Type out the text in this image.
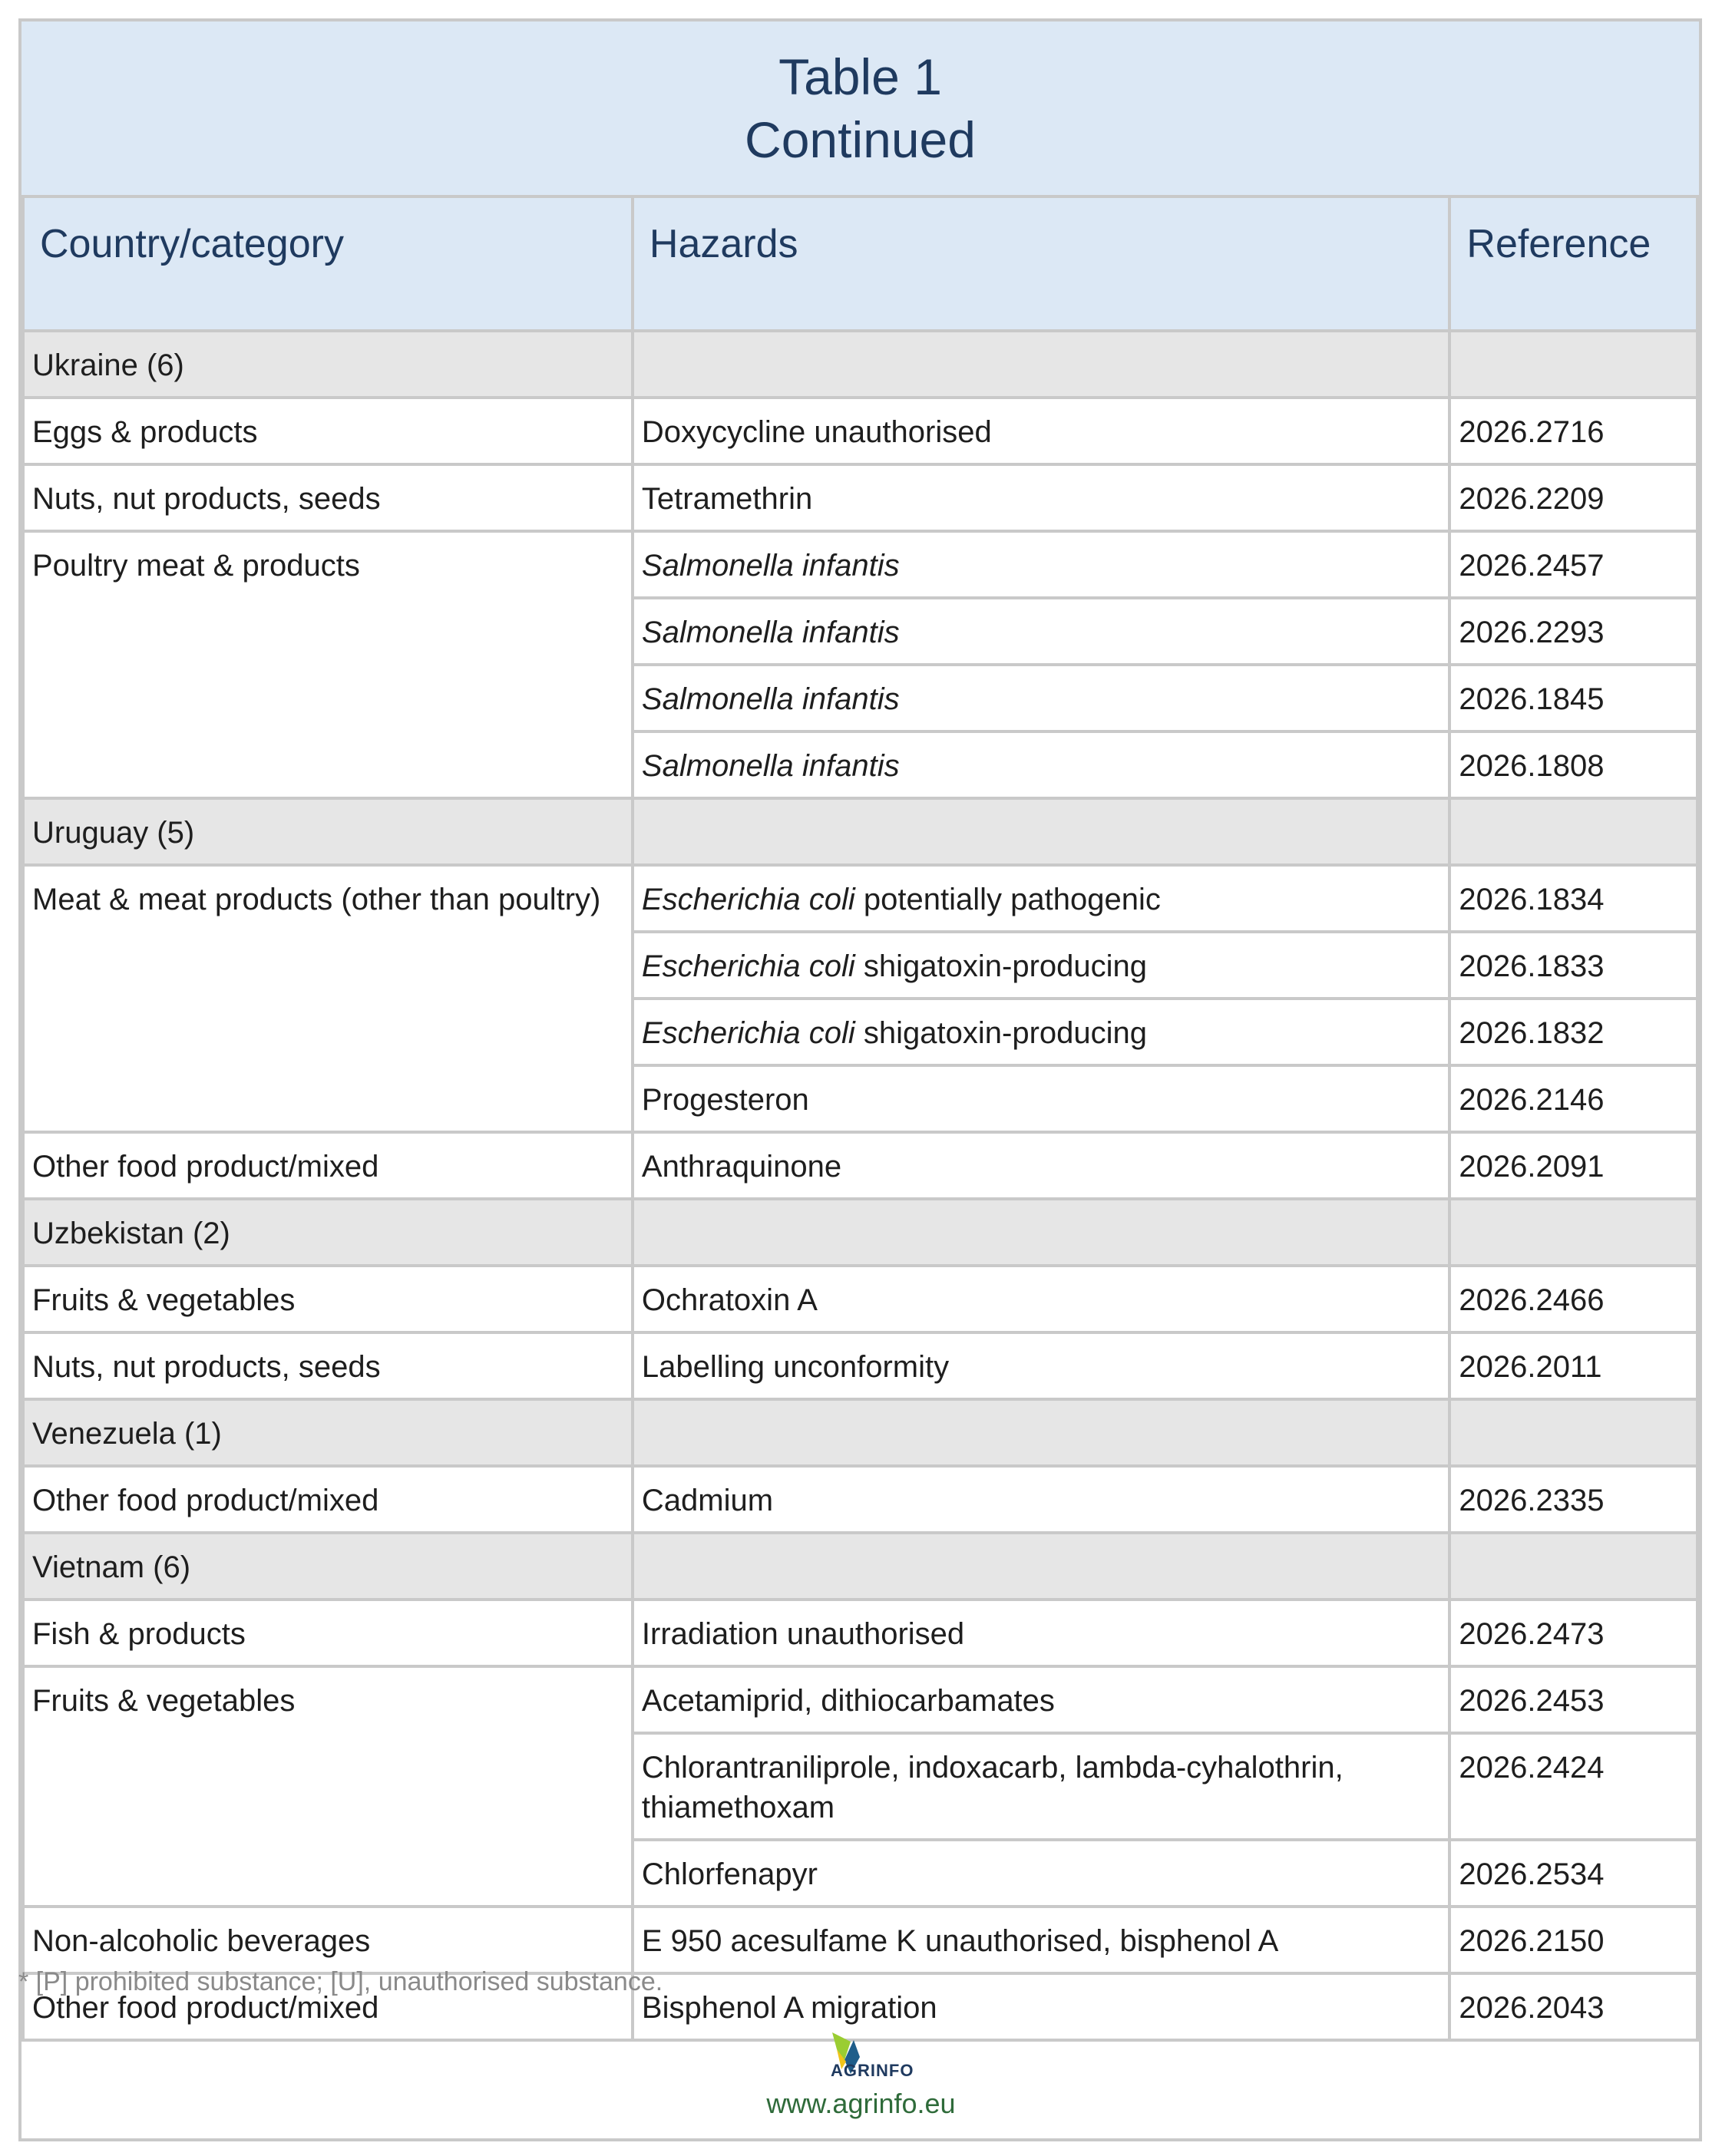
Table 1
Continued
Country/category	Hazards	Reference
Ukraine (6)		
Eggs & products	Doxycycline unauthorised	2026.2716
Nuts, nut products, seeds	Tetramethrin	2026.2209
Poultry meat & products	Salmonella infantis	2026.2457
	Salmonella infantis	2026.2293
	Salmonella infantis	2026.1845
	Salmonella infantis	2026.1808
Uruguay (5)		
Meat & meat products (other than poultry)	Escherichia coli potentially pathogenic	2026.1834
	Escherichia coli shigatoxin-producing	2026.1833
	Escherichia coli shigatoxin-producing	2026.1832
	Progesteron	2026.2146
Other food product/mixed	Anthraquinone	2026.2091
Uzbekistan (2)		
Fruits & vegetables	Ochratoxin A	2026.2466
Nuts, nut products, seeds	Labelling unconformity	2026.2011
Venezuela (1)		
Other food product/mixed	Cadmium	2026.2335
Vietnam (6)		
Fish & products	Irradiation unauthorised	2026.2473
Fruits & vegetables	Acetamiprid, dithiocarbamates	2026.2453
	Chlorantraniliprole, indoxacarb, lambda-cyhalothrin, thiamethoxam	2026.2424
	Chlorfenapyr	2026.2534
Non-alcoholic beverages	E 950 acesulfame K unauthorised, bisphenol A	2026.2150
Other food product/mixed	Bisphenol A migration	2026.2043
* [P] prohibited substance; [U], unauthorised substance.
AGRINFO
www.agrinfo.eu
